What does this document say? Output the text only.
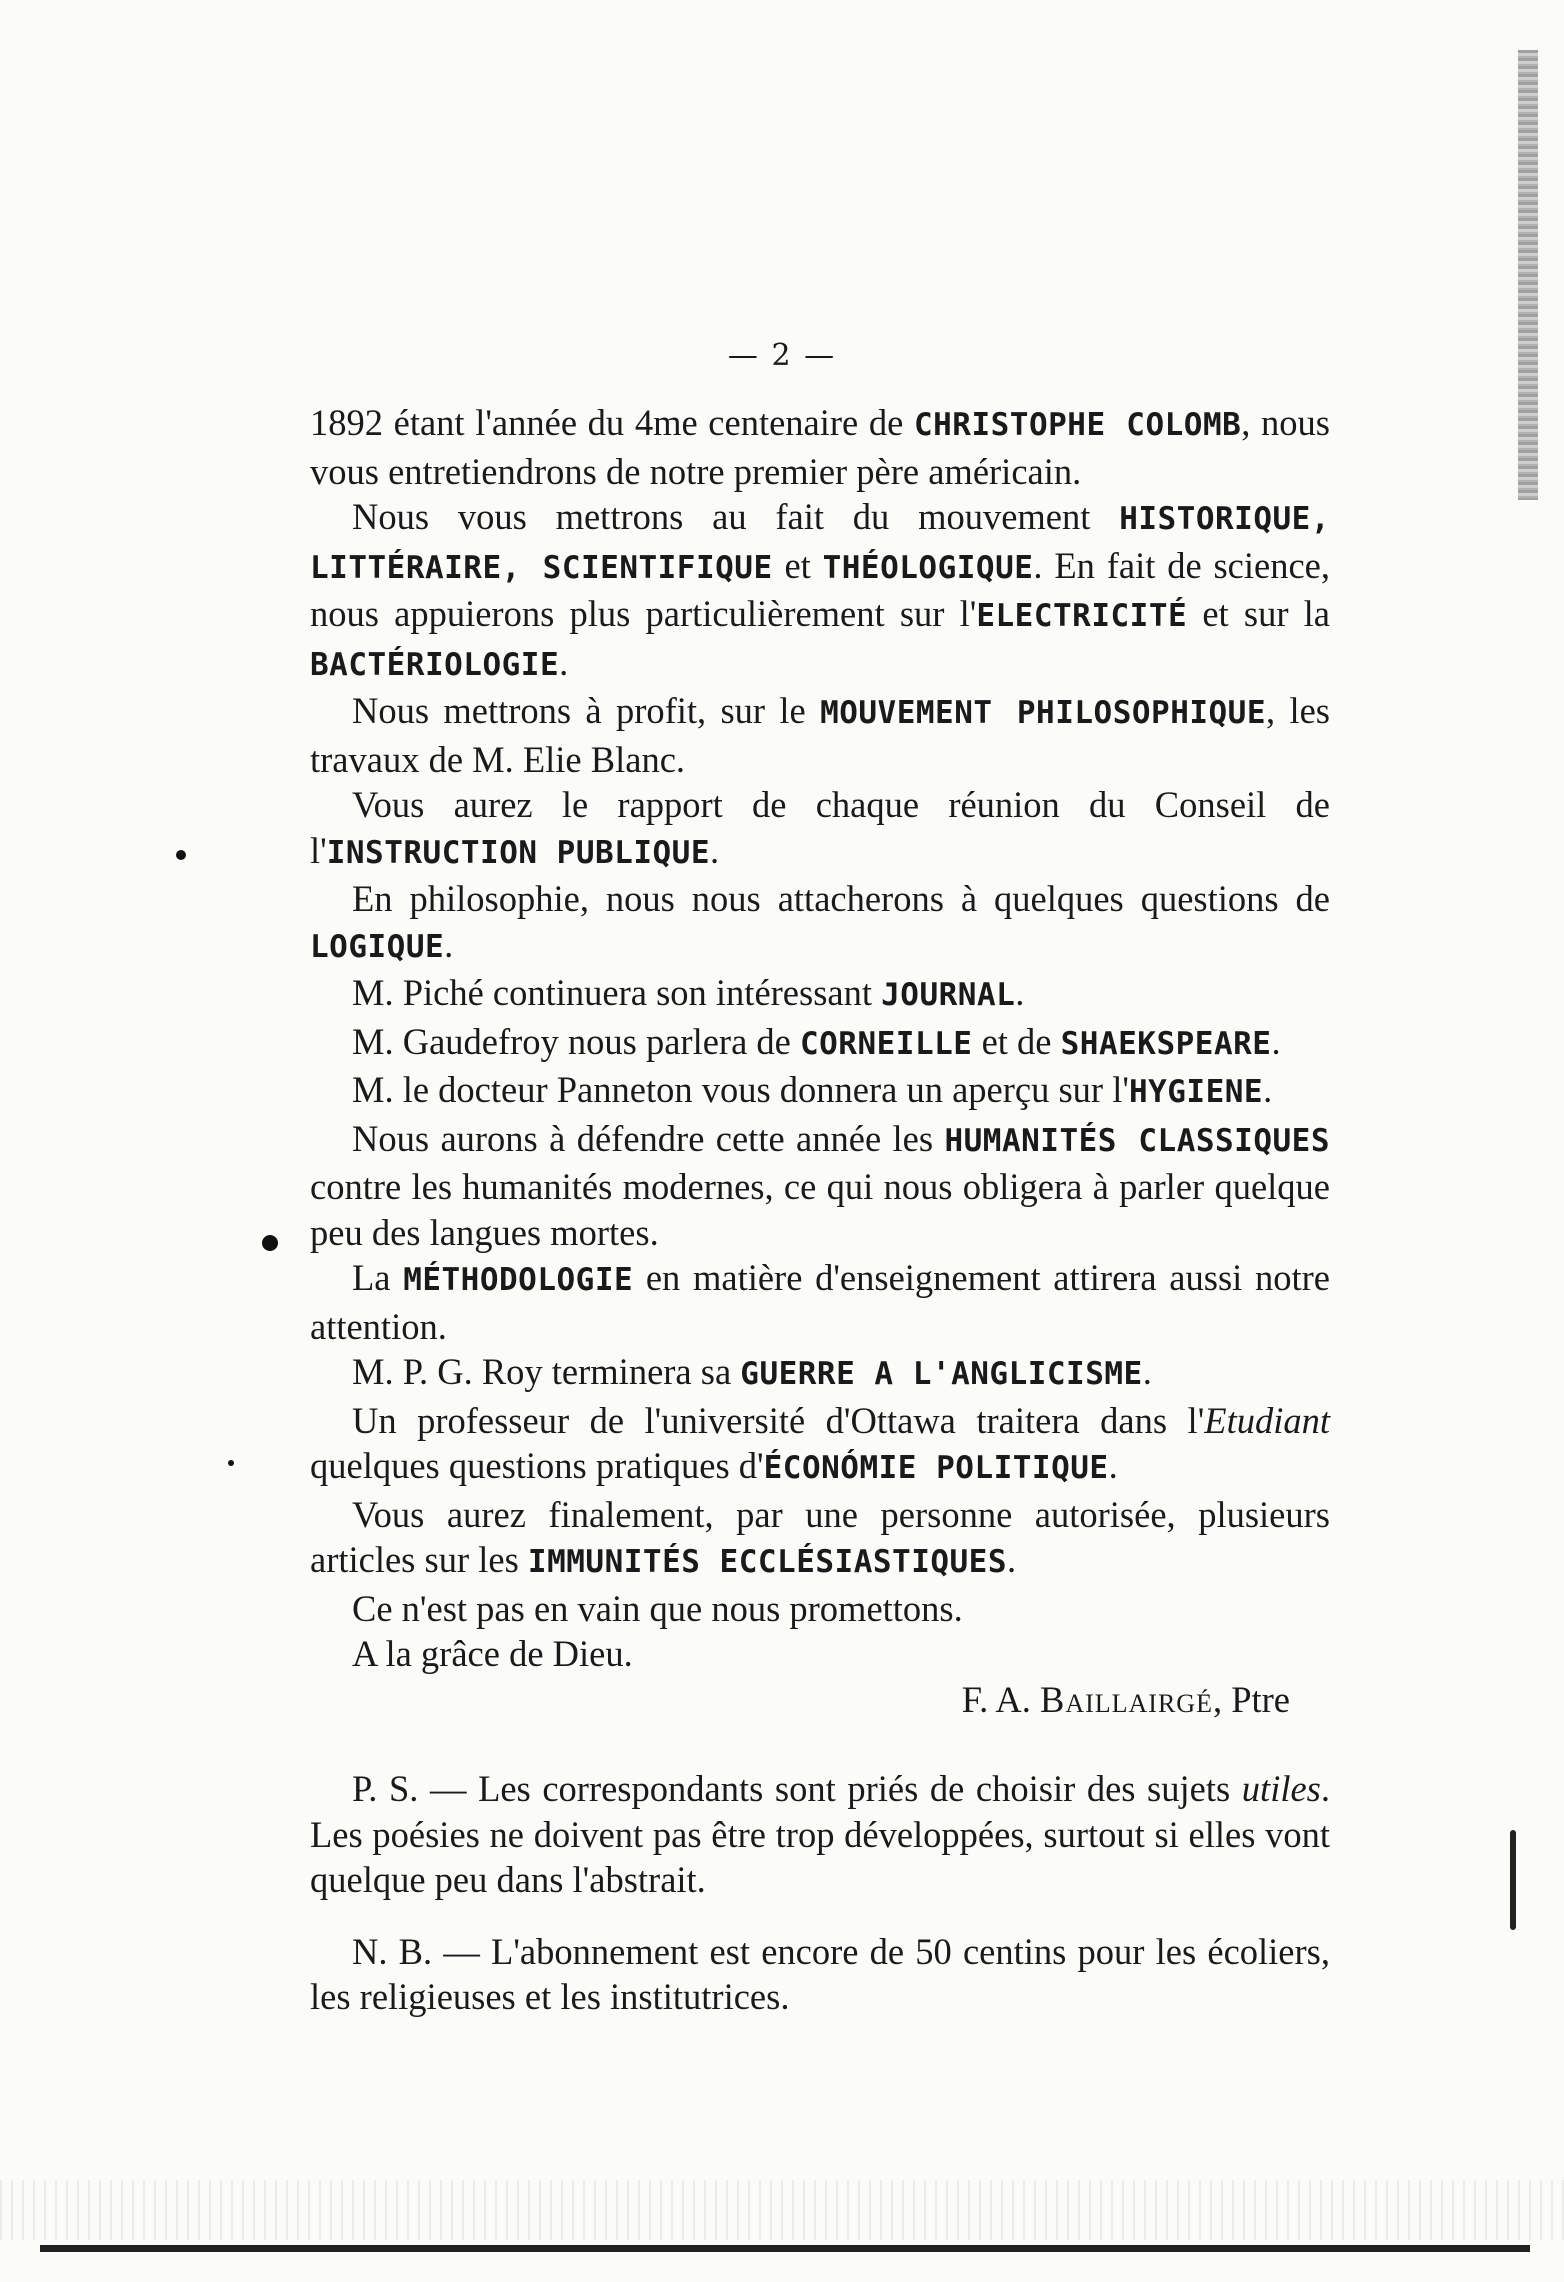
— 2 —

1892 étant l'année du 4me centenaire de CHRISTOPHE COLOMB, nous vous entretiendrons de notre premier père américain.

Nous vous mettrons au fait du mouvement HISTORIQUE, LITTÉRAIRE, SCIENTIFIQUE et THÉOLOGIQUE. En fait de science, nous appuierons plus particulièrement sur l'ELECTRICITÉ et sur la BACTÉRIOLOGIE.

Nous mettrons à profit, sur le MOUVEMENT PHILOSOPHIQUE, les travaux de M. Elie Blanc.

Vous aurez le rapport de chaque réunion du Conseil de l'INSTRUCTION PUBLIQUE.

En philosophie, nous nous attacherons à quelques questions de LOGIQUE.

M. Piché continuera son intéressant JOURNAL.

M. Gaudefroy nous parlera de CORNEILLE et de SHAEKSPEARE.

M. le docteur Panneton vous donnera un aperçu sur l'HYGIENE.

Nous aurons à défendre cette année les HUMANITÉS CLASSIQUES contre les humanités modernes, ce qui nous obligera à parler quelque peu des langues mortes.

La MÉTHODOLOGIE en matière d'enseignement attirera aussi notre attention.

M. P. G. Roy terminera sa GUERRE A L'ANGLICISME.

Un professeur de l'université d'Ottawa traitera dans l'Etudiant quelques questions pratiques d'ÉCONÓMIE POLITIQUE.

Vous aurez finalement, par une personne autorisée, plusieurs articles sur les IMMUNITÉS ECCLÉSIASTIQUES.

Ce n'est pas en vain que nous promettons.

A la grâce de Dieu.

F. A. Baillairgé, Ptre

P. S. — Les correspondants sont priés de choisir des sujets utiles. Les poésies ne doivent pas être trop développées, surtout si elles vont quelque peu dans l'abstrait.

N. B. — L'abonnement est encore de 50 centins pour les écoliers, les religieuses et les institutrices.
